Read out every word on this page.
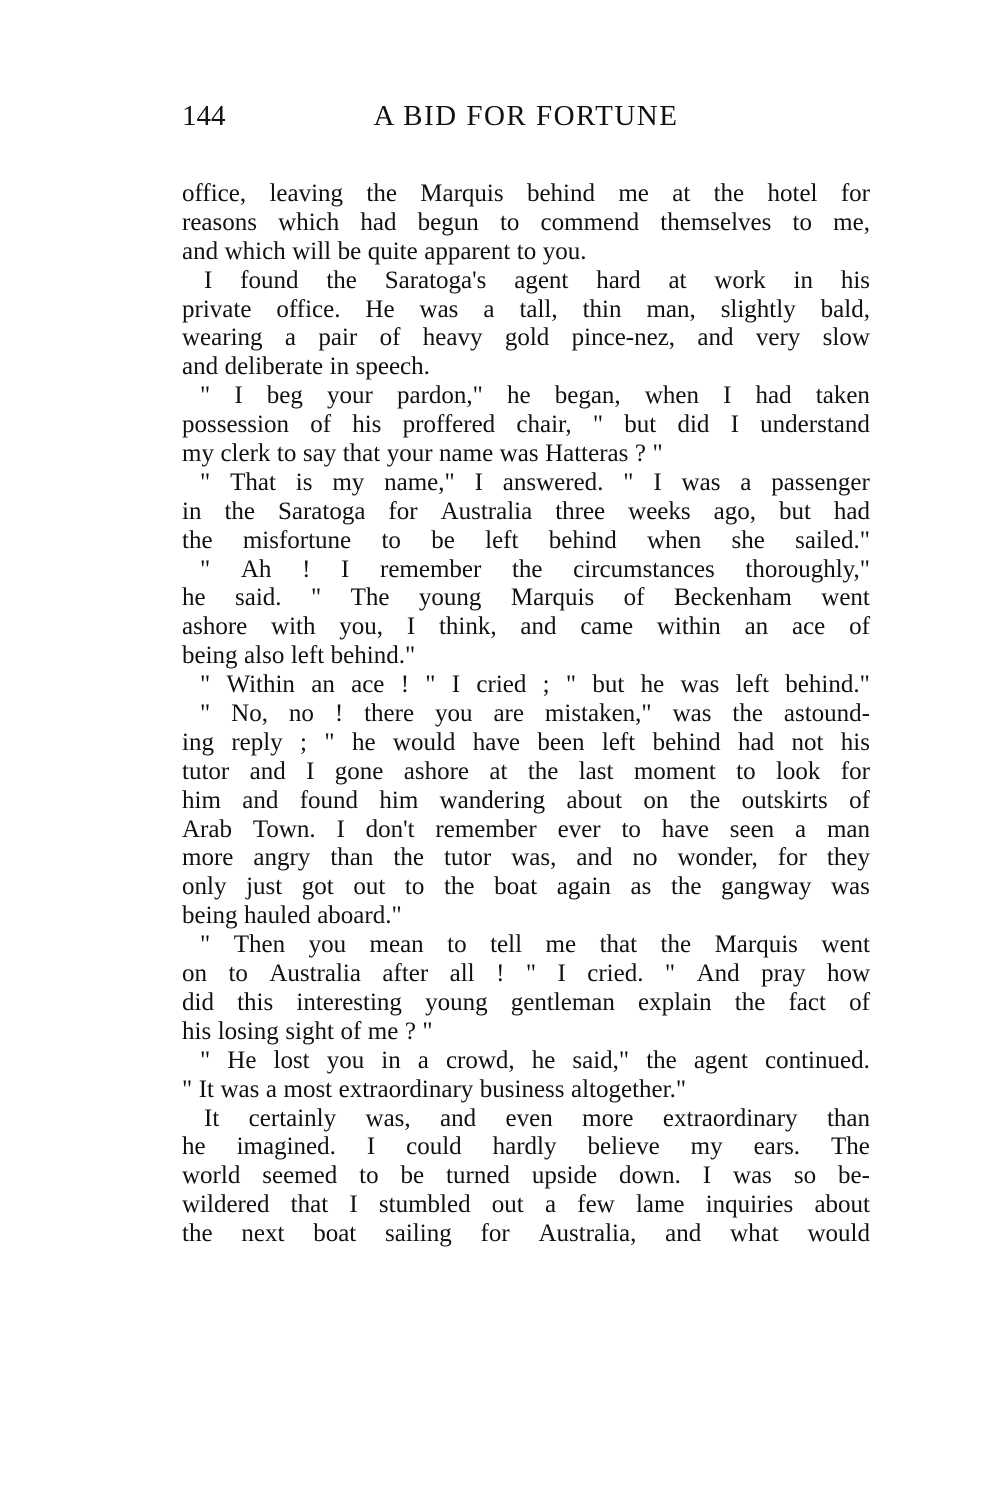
144	A BID FOR FORTUNE
office, leaving the Marquis behind me at the hotel for
reasons which had begun to commend themselves to me,
and which will be quite apparent to you.
I found the Saratoga's agent hard at work in his
private office. He was a tall, thin man, slightly bald,
wearing a pair of heavy gold pince-nez, and very slow
and deliberate in speech.
" I beg your pardon," he began, when I had taken
possession of his proffered chair, " but did I understand
my clerk to say that your name was Hatteras ? "
" That is my name," I answered. " I was a passenger
in the Saratoga for Australia three weeks ago, but had
the misfortune to be left behind when she sailed."
" Ah ! I remember the circumstances thoroughly,"
he said. " The young Marquis of Beckenham went
ashore with you, I think, and came within an ace of
being also left behind."
" Within an ace ! " I cried ; " but he was left behind."
" No, no ! there you are mistaken," was the astound-
ing reply ; " he would have been left behind had not his
tutor and I gone ashore at the last moment to look for
him and found him wandering about on the outskirts of
Arab Town. I don't remember ever to have seen a man
more angry than the tutor was, and no wonder, for they
only just got out to the boat again as the gangway was
being hauled aboard."
" Then you mean to tell me that the Marquis went
on to Australia after all ! " I cried. " And pray how
did this interesting young gentleman explain the fact of
his losing sight of me ? "
" He lost you in a crowd, he said," the agent continued.
" It was a most extraordinary business altogether."
It certainly was, and even more extraordinary than
he imagined. I could hardly believe my ears. The
world seemed to be turned upside down. I was so be-
wildered that I stumbled out a few lame inquiries about
the next boat sailing for Australia, and what would
